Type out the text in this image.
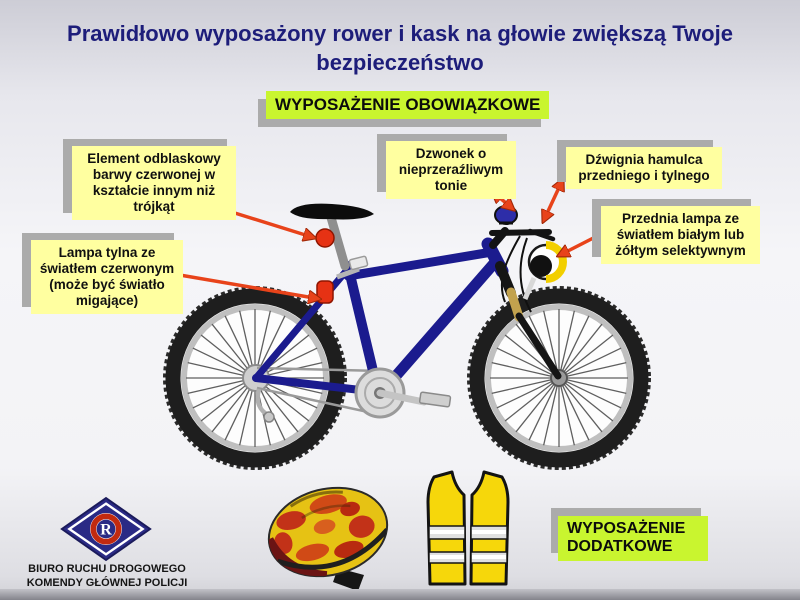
Prawidłowo wyposażony rower i kask na głowie zwiększą Twoje bezpieczeństwo
WYPOSAŻENIE OBOWIĄZKOWE
WYPOSAŻENIE DODATKOWE
Element odblaskowy barwy czerwonej w kształcie innym niż trójkąt
Lampa tylna ze światłem czerwonym (może być światło migające)
Dzwonek o nieprzeraźliwym tonie
Dźwignia hamulca przedniego i tylnego
Przednia lampa ze światłem białym lub żółtym selektywnym
R
BIURO RUCHU DROGOWEGO
KOMENDY GŁÓWNEJ POLICJI
